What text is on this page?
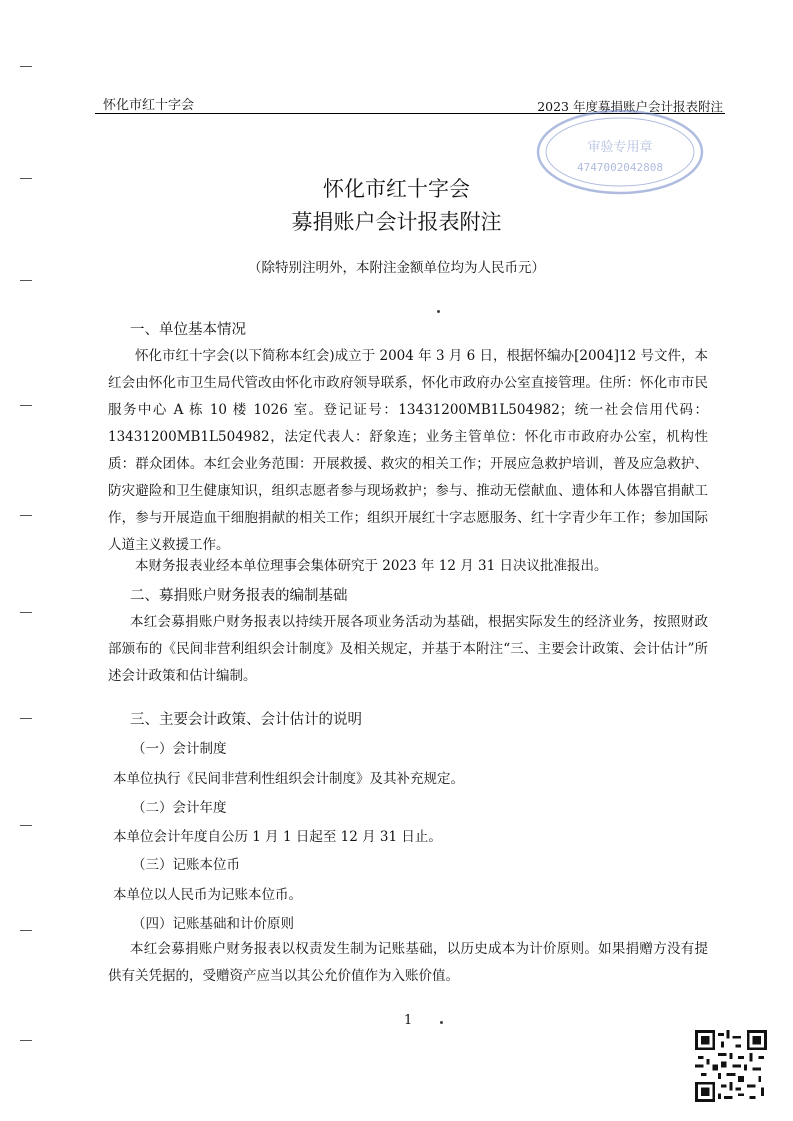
怀化市红十字会	2023 年度募捐账户会计报表附注
审验专用章
4747002042808
怀化市红十字会
募捐账户会计报表附注
（除特别注明外，本附注金额单位均为人民币元）
一、单位基本情况
怀化市红十字会(以下简称本红会)成立于 2004 年 3 月 6 日，根据怀编办[2004]12 号文件，本红会由怀化市卫生局代管改由怀化市政府领导联系，怀化市政府办公室直接管理。住所：怀化市市民服务中心 A 栋 10 楼 1026 室。登记证号：13431200MB1L504982；统一社会信用代码：13431200MB1L504982，法定代表人：舒象连；业务主管单位：怀化市市政府办公室，机构性质：群众团体。本红会业务范围：开展救援、救灾的相关工作；开展应急救护培训，普及应急救护、防灾避险和卫生健康知识，组织志愿者参与现场救护；参与、推动无偿献血、遗体和人体器官捐献工作，参与开展造血干细胞捐献的相关工作；组织开展红十字志愿服务、红十字青少年工作；参加国际人道主义救援工作。
本财务报表业经本单位理事会集体研究于 2023 年 12 月 31 日决议批准报出。
二、募捐账户财务报表的编制基础
本红会募捐账户财务报表以持续开展各项业务活动为基础，根据实际发生的经济业务，按照财政部颁布的《民间非营利组织会计制度》及相关规定，并基于本附注“三、主要会计政策、会计估计”所述会计政策和估计编制。
三、主要会计政策、会计估计的说明
（一）会计制度
本单位执行《民间非营利性组织会计制度》及其补充规定。
（二）会计年度
本单位会计年度自公历 1 月 1 日起至 12 月 31 日止。
（三）记账本位币
本单位以人民币为记账本位币。
（四）记账基础和计价原则
本红会募捐账户财务报表以权责发生制为记账基础，以历史成本为计价原则。如果捐赠方没有提供有关凭据的，受赠资产应当以其公允价值作为入账价值。
1
